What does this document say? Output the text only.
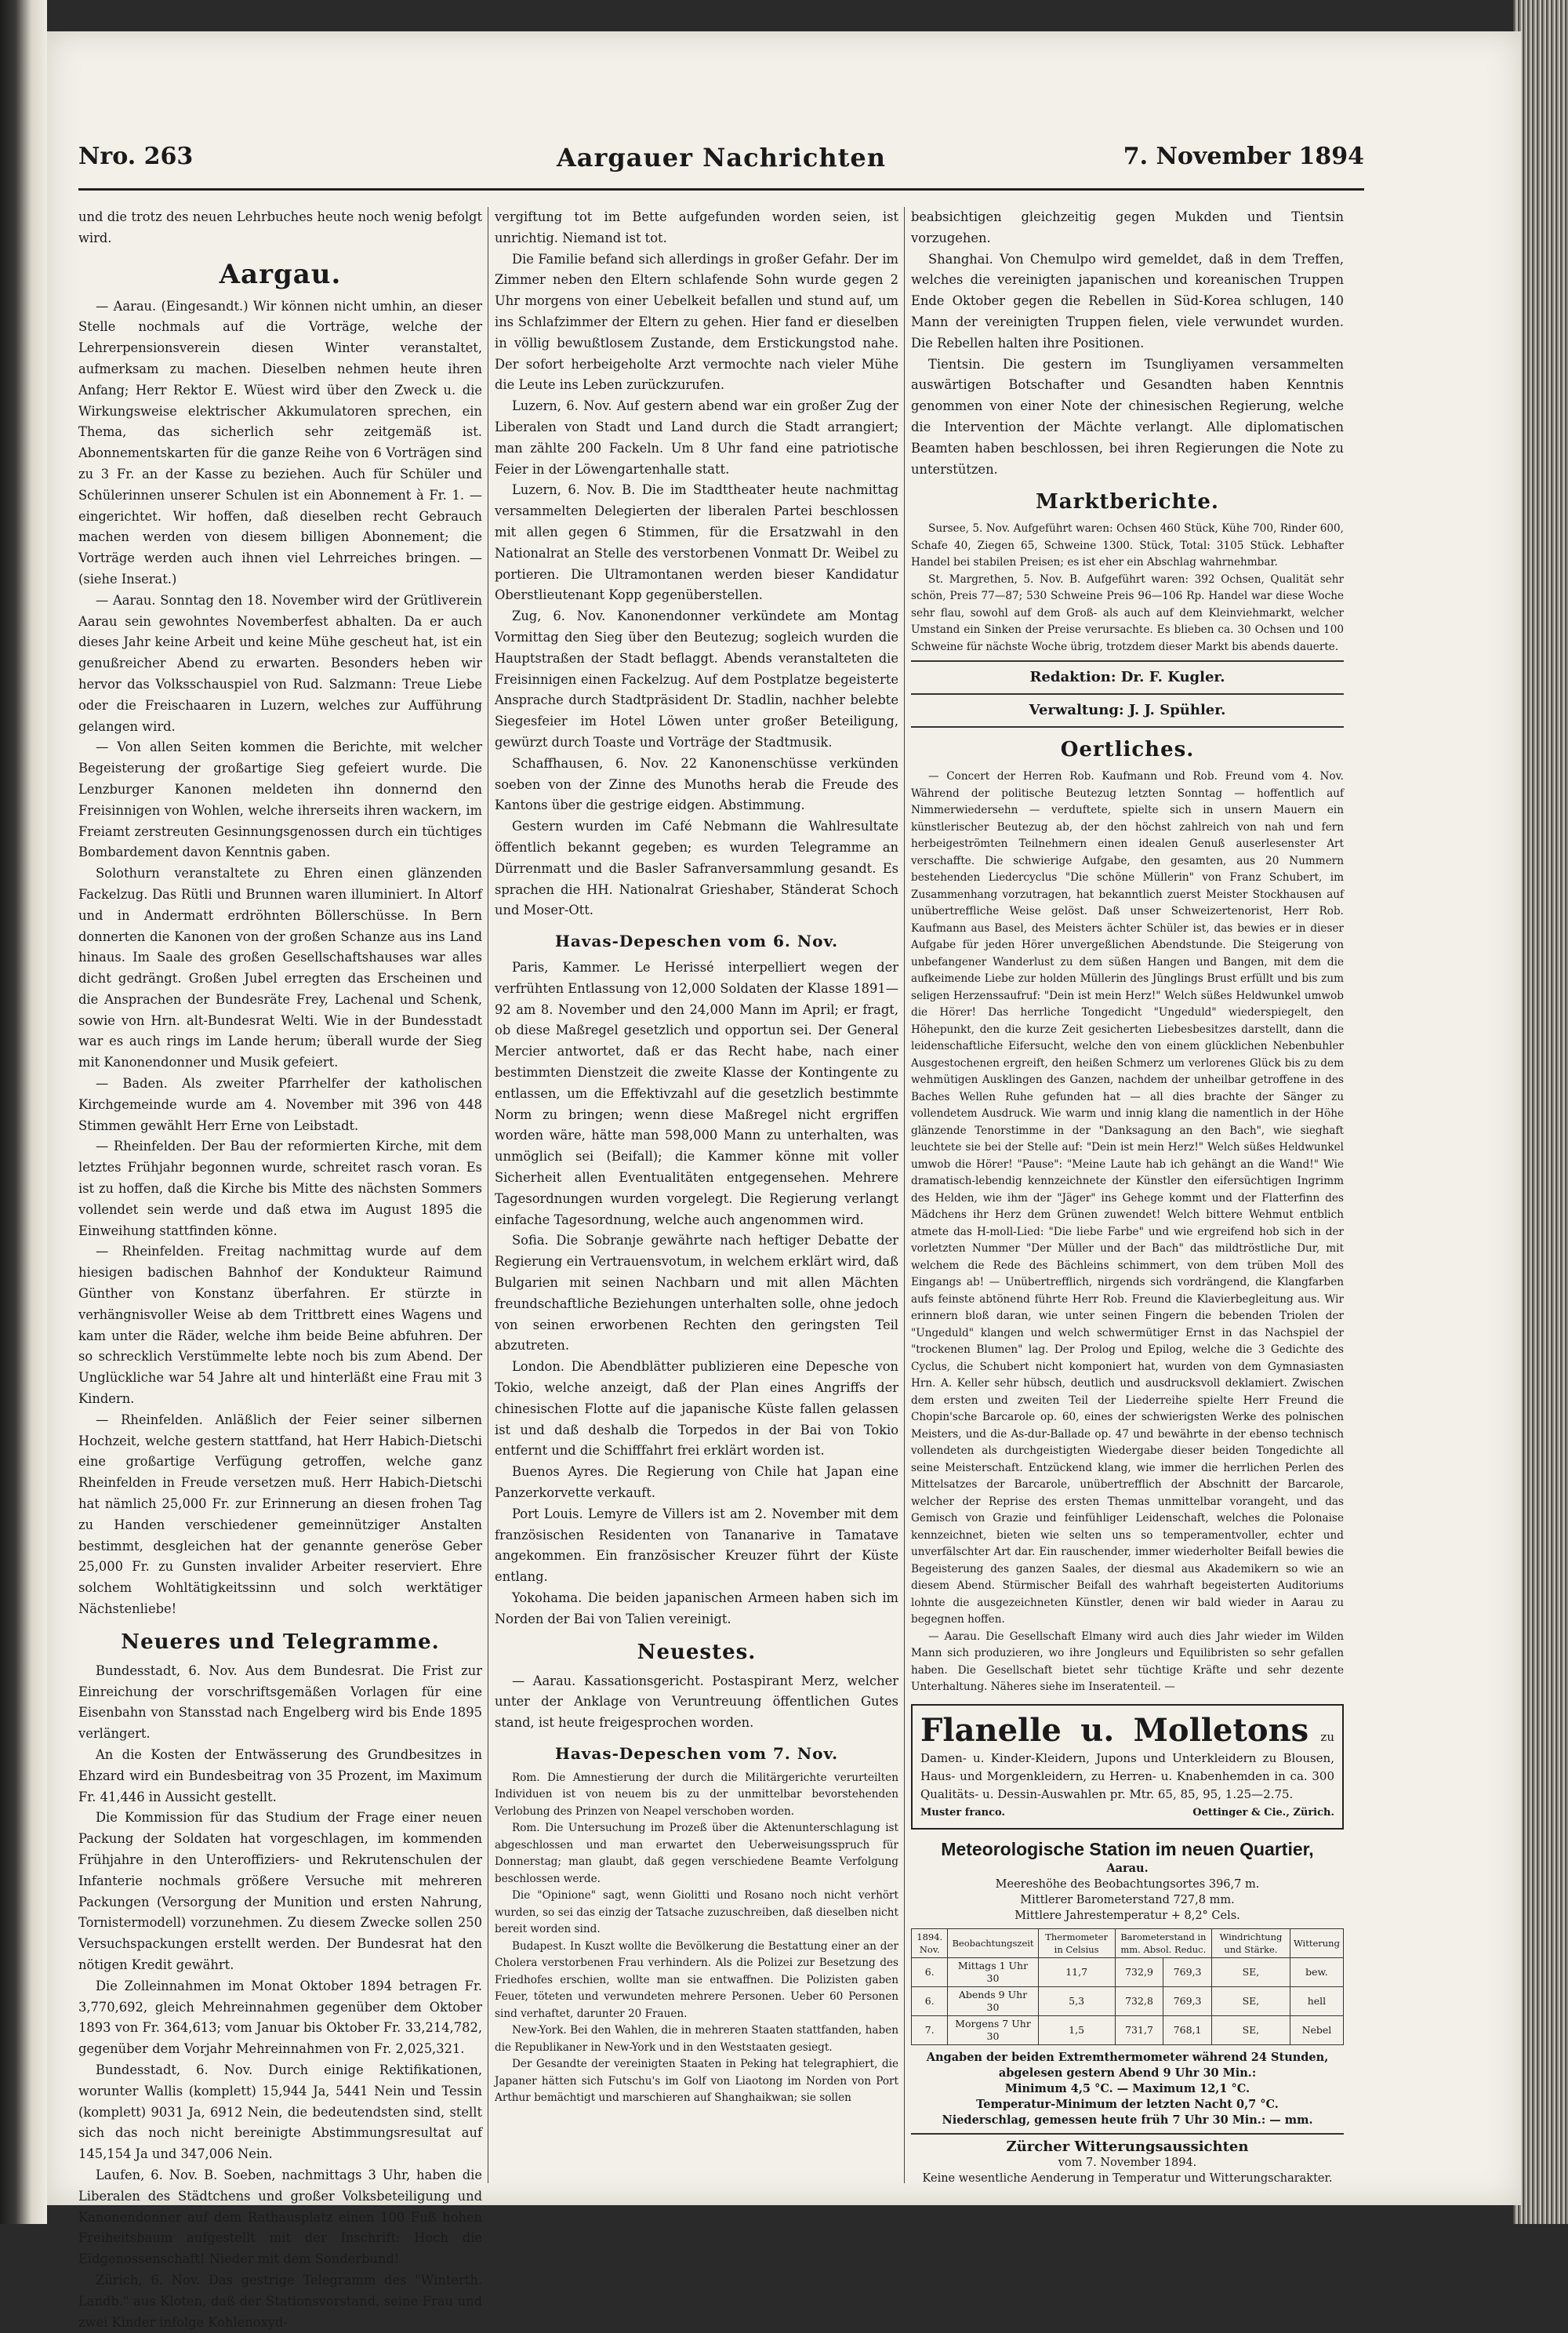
Aargauer Nachrichten
Nro. 263	7. November 1894

und die trotz des neuen Lehrbuches heute noch wenig befolgt wird.

Aargau.

— Aarau. (Eingesandt.) Wir können nicht umhin, an dieser Stelle nochmals auf die Vorträge, welche der Lehrerpensionsverein diesen Winter veranstaltet, aufmerksam zu machen. Dieselben nehmen heute ihren Anfang; Herr Rektor E. Wüest wird über den Zweck u. die Wirkungsweise elektrischer Akkumulatoren sprechen, ein Thema, das sicherlich sehr zeitgemäß ist. Abonnementskarten für die ganze Reihe von 6 Vorträgen sind zu 3 Fr. an der Kasse zu beziehen. Auch für Schüler und Schülerinnen unserer Schulen ist ein Abonnement à Fr. 1. — eingerichtet. Wir hoffen, daß dieselben recht Gebrauch machen werden von diesem billigen Abonnement; die Vorträge werden auch ihnen viel Lehrreiches bringen. — (siehe Inserat.)

— Aarau. Sonntag den 18. November wird der Grütliverein Aarau sein gewohntes Novemberfest abhalten. Da er auch dieses Jahr keine Arbeit und keine Mühe gescheut hat, ist ein genußreicher Abend zu erwarten. Besonders heben wir hervor das Volksschauspiel von Rud. Salzmann: Treue Liebe oder die Freischaaren in Luzern, welches zur Aufführung gelangen wird.

— Von allen Seiten kommen die Berichte, mit welcher Begeisterung der großartige Sieg gefeiert wurde. Die Lenzburger Kanonen meldeten ihn donnernd den Freisinnigen von Wohlen, welche ihrerseits ihren wackern, im Freiamt zerstreuten Gesinnungsgenossen durch ein tüchtiges Bombardement davon Kenntnis gaben.

Solothurn veranstaltete zu Ehren einen glänzenden Fackelzug. Das Rütli und Brunnen waren illuminiert. In Altorf und in Andermatt erdröhnten Böllerschüsse. In Bern donnerten die Kanonen von der großen Schanze aus ins Land hinaus. Im Saale des großen Gesellschaftshauses war alles dicht gedrängt. Großen Jubel erregten das Erscheinen und die Ansprachen der Bundesräte Frey, Lachenal und Schenk, sowie von Hrn. alt-Bundesrat Welti. Wie in der Bundesstadt war es auch rings im Lande herum; überall wurde der Sieg mit Kanonendonner und Musik gefeiert.

— Baden. Als zweiter Pfarrhelfer der katholischen Kirchgemeinde wurde am 4. November mit 396 von 448 Stimmen gewählt Herr Erne von Leibstadt.

— Rheinfelden. Der Bau der reformierten Kirche, mit dem letztes Frühjahr begonnen wurde, schreitet rasch voran. Es ist zu hoffen, daß die Kirche bis Mitte des nächsten Sommers vollendet sein werde und daß etwa im August 1895 die Einweihung stattfinden könne.

— Rheinfelden. Freitag nachmittag wurde auf dem hiesigen badischen Bahnhof der Kondukteur Raimund Günther von Konstanz überfahren. Er stürzte in verhängnisvoller Weise ab dem Trittbrett eines Wagens und kam unter die Räder, welche ihm beide Beine abfuhren. Der so schrecklich Verstümmelte lebte noch bis zum Abend. Der Unglückliche war 54 Jahre alt und hinterläßt eine Frau mit 3 Kindern.

— Rheinfelden. Anläßlich der Feier seiner silbernen Hochzeit, welche gestern stattfand, hat Herr Habich-Dietschi eine großartige Verfügung getroffen, welche ganz Rheinfelden in Freude versetzen muß. Herr Habich-Dietschi hat nämlich 25,000 Fr. zur Erinnerung an diesen frohen Tag zu Handen verschiedener gemeinnütziger Anstalten bestimmt, desgleichen hat der genannte generöse Geber 25,000 Fr. zu Gunsten invalider Arbeiter reserviert. Ehre solchem Wohltätigkeitssinn und solch werktätiger Nächstenliebe!

Neueres und Telegramme.

Bundesstadt, 6. Nov. Aus dem Bundesrat. Die Frist zur Einreichung der vorschriftsgemäßen Vorlagen für eine Eisenbahn von Stansstad nach Engelberg wird bis Ende 1895 verlängert.

An die Kosten der Entwässerung des Grundbesitzes in Ehzard wird ein Bundesbeitrag von 35 Prozent, im Maximum Fr. 41,446 in Aussicht gestellt.

Die Kommission für das Studium der Frage einer neuen Packung der Soldaten hat vorgeschlagen, im kommenden Frühjahre in den Unteroffiziers- und Rekrutenschulen der Infanterie nochmals größere Versuche mit mehreren Packungen (Versorgung der Munition und ersten Nahrung, Tornistermodell) vorzunehmen. Zu diesem Zwecke sollen 250 Versuchspackungen erstellt werden. Der Bundesrat hat den nötigen Kredit gewährt.

Die Zolleinnahmen im Monat Oktober 1894 betragen Fr. 3,770,692, gleich Mehreinnahmen gegenüber dem Oktober 1893 von Fr. 364,613; vom Januar bis Oktober Fr. 33,214,782, gegenüber dem Vorjahr Mehreinnahmen von Fr. 2,025,321.

Bundesstadt, 6. Nov. Durch einige Rektifikationen, worunter Wallis (komplett) 15,944 Ja, 5441 Nein und Tessin (komplett) 9031 Ja, 6912 Nein, die bedeutendsten sind, stellt sich das noch nicht bereinigte Abstimmungsresultat auf 145,154 Ja und 347,006 Nein.

Laufen, 6. Nov. B. Soeben, nachmittags 3 Uhr, haben die Liberalen des Städtchens und großer Volksbeteiligung und Kanonendonner auf dem Rathausplatz einen 100 Fuß hohen Freiheitsbaum aufgestellt mit der Inschrift: Hoch die Eidgenossenschaft! Nieder mit dem Sonderbund!

Zürich, 6. Nov. Das gestrige Telegramm des "Winterth. Landb." aus Kloten, daß der Stationsvorstand, seine Frau und zwei Kinder infolge Kohlenoxyd-

vergiftung tot im Bette aufgefunden worden seien, ist unrichtig. Niemand ist tot.

Die Familie befand sich allerdings in großer Gefahr. Der im Zimmer neben den Eltern schlafende Sohn wurde gegen 2 Uhr morgens von einer Uebelkeit befallen und stund auf, um ins Schlafzimmer der Eltern zu gehen. Hier fand er dieselben in völlig bewußtlosem Zustande, dem Erstickungstod nahe. Der sofort herbeigeholte Arzt vermochte nach vieler Mühe die Leute ins Leben zurückzurufen.

Luzern, 6. Nov. Auf gestern abend war ein großer Zug der Liberalen von Stadt und Land durch die Stadt arrangiert; man zählte 200 Fackeln. Um 8 Uhr fand eine patriotische Feier in der Löwengartenhalle statt.

Luzern, 6. Nov. B. Die im Stadttheater heute nachmittag versammelten Delegierten der liberalen Partei beschlossen mit allen gegen 6 Stimmen, für die Ersatzwahl in den Nationalrat an Stelle des verstorbenen Vonmatt Dr. Weibel zu portieren. Die Ultramontanen werden bieser Kandidatur Oberstlieutenant Kopp gegenüberstellen.

Zug, 6. Nov. Kanonendonner verkündete am Montag Vormittag den Sieg über den Beutezug; sogleich wurden die Hauptstraßen der Stadt beflaggt. Abends veranstalteten die Freisinnigen einen Fackelzug. Auf dem Postplatze begeisterte Ansprache durch Stadtpräsident Dr. Stadlin, nachher belebte Siegesfeier im Hotel Löwen unter großer Beteiligung, gewürzt durch Toaste und Vorträge der Stadtmusik.

Schaffhausen, 6. Nov. 22 Kanonenschüsse verkünden soeben von der Zinne des Munoths herab die Freude des Kantons über die gestrige eidgen. Abstimmung.

Gestern wurden im Café Nebmann die Wahlresultate öffentlich bekannt gegeben; es wurden Telegramme an Dürrenmatt und die Basler Safranversammlung gesandt. Es sprachen die HH. Nationalrat Grieshaber, Ständerat Schoch und Moser-Ott.

Havas-Depeschen vom 6. Nov.

Paris, Kammer. Le Herissé interpelliert wegen der verfrühten Entlassung von 12,000 Soldaten der Klasse 1891—92 am 8. November und den 24,000 Mann im April; er fragt, ob diese Maßregel gesetzlich und opportun sei. Der General Mercier antwortet, daß er das Recht habe, nach einer bestimmten Dienstzeit die zweite Klasse der Kontingente zu entlassen, um die Effektivzahl auf die gesetzlich bestimmte Norm zu bringen; wenn diese Maßregel nicht ergriffen worden wäre, hätte man 598,000 Mann zu unterhalten, was unmöglich sei (Beifall); die Kammer könne mit voller Sicherheit allen Eventualitäten entgegensehen. Mehrere Tagesordnungen wurden vorgelegt. Die Regierung verlangt einfache Tagesordnung, welche auch angenommen wird.

Sofia. Die Sobranje gewährte nach heftiger Debatte der Regierung ein Vertrauensvotum, in welchem erklärt wird, daß Bulgarien mit seinen Nachbarn und mit allen Mächten freundschaftliche Beziehungen unterhalten solle, ohne jedoch von seinen erworbenen Rechten den geringsten Teil abzutreten.

London. Die Abendblätter publizieren eine Depesche von Tokio, welche anzeigt, daß der Plan eines Angriffs der chinesischen Flotte auf die japanische Küste fallen gelassen ist und daß deshalb die Torpedos in der Bai von Tokio entfernt und die Schifffahrt frei erklärt worden ist.

Buenos Ayres. Die Regierung von Chile hat Japan eine Panzerkorvette verkauft.

Port Louis. Lemyre de Villers ist am 2. November mit dem französischen Residenten von Tananarive in Tamatave angekommen. Ein französischer Kreuzer führt der Küste entlang.

Yokohama. Die beiden japanischen Armeen haben sich im Norden der Bai von Talien vereinigt.

Neuestes.

— Aarau. Kassationsgericht. Postaspirant Merz, welcher unter der Anklage von Veruntreuung öffentlichen Gutes stand, ist heute freigesprochen worden.

Havas-Depeschen vom 7. Nov.

Rom. Die Amnestierung der durch die Militärgerichte verurteilten Individuen ist von neuem bis zu der unmittelbar bevorstehenden Verlobung des Prinzen von Neapel verschoben worden.

Rom. Die Untersuchung im Prozeß über die Aktenunterschlagung ist abgeschlossen und man erwartet den Ueberweisungsspruch für Donnerstag; man glaubt, daß gegen verschiedene Beamte Verfolgung beschlossen werde.

Die "Opinione" sagt, wenn Giolitti und Rosano noch nicht verhört wurden, so sei das einzig der Tatsache zuzuschreiben, daß dieselben nicht bereit worden sind.

Budapest. In Kuszt wollte die Bevölkerung die Bestattung einer an der Cholera verstorbenen Frau verhindern. Als die Polizei zur Besetzung des Friedhofes erschien, wollte man sie entwaffnen. Die Polizisten gaben Feuer, töteten und verwundeten mehrere Personen. Ueber 60 Personen sind verhaftet, darunter 20 Frauen.

New-York. Bei den Wahlen, die in mehreren Staaten stattfanden, haben die Republikaner in New-York und in den Weststaaten gesiegt.

Der Gesandte der vereinigten Staaten in Peking hat telegraphiert, die Japaner hätten sich Futschu's im Golf von Liaotong im Norden von Port Arthur bemächtigt und marschieren auf Shanghaikwan; sie sollen

beabsichtigen gleichzeitig gegen Mukden und Tientsin vorzugehen.

Shanghai. Von Chemulpo wird gemeldet, daß in dem Treffen, welches die vereinigten japanischen und koreanischen Truppen Ende Oktober gegen die Rebellen in Süd-Korea schlugen, 140 Mann der vereinigten Truppen fielen, viele verwundet wurden. Die Rebellen halten ihre Positionen.

Tientsin. Die gestern im Tsungliyamen versammelten auswärtigen Botschafter und Gesandten haben Kenntnis genommen von einer Note der chinesischen Regierung, welche die Intervention der Mächte verlangt. Alle diplomatischen Beamten haben beschlossen, bei ihren Regierungen die Note zu unterstützen.

Marktberichte.

Sursee, 5. Nov. Aufgeführt waren: Ochsen 460 Stück, Kühe 700, Rinder 600, Schafe 40, Ziegen 65, Schweine 1300. Stück, Total: 3105 Stück. Lebhafter Handel bei stabilen Preisen; es ist eher ein Abschlag wahrnehmbar.

St. Margrethen, 5. Nov. B. Aufgeführt waren: 392 Ochsen, Qualität sehr schön, Preis 77—87; 530 Schweine Preis 96—106 Rp. Handel war diese Woche sehr flau, sowohl auf dem Groß- als auch auf dem Kleinviehmarkt, welcher Umstand ein Sinken der Preise verursachte. Es blieben ca. 30 Ochsen und 100 Schweine für nächste Woche übrig, trotzdem dieser Markt bis abends dauerte.

Redaktion: Dr. F. Kugler.
Verwaltung: J. J. Spühler.
Oertliches.

— Concert der Herren Rob. Kaufmann und Rob. Freund vom 4. Nov. Während der politische Beutezug letzten Sonntag — hoffentlich auf Nimmerwiedersehn — verduftete, spielte sich in unsern Mauern ein künstlerischer Beutezug ab, der den höchst zahlreich von nah und fern herbeigeströmten Teilnehmern einen idealen Genuß auserlesenster Art verschaffte. Die schwierige Aufgabe, den gesamten, aus 20 Nummern bestehenden Liedercyclus "Die schöne Müllerin" von Franz Schubert, im Zusammenhang vorzutragen, hat bekanntlich zuerst Meister Stockhausen auf unübertreffliche Weise gelöst. Daß unser Schweizertenorist, Herr Rob. Kaufmann aus Basel, des Meisters ächter Schüler ist, das bewies er in dieser Aufgabe für jeden Hörer unvergeßlichen Abendstunde. Die Steigerung von unbefangener Wanderlust zu dem süßen Hangen und Bangen, mit dem die aufkeimende Liebe zur holden Müllerin des Jünglings Brust erfüllt und bis zum seligen Herzenssaufruf: "Dein ist mein Herz!" Welch süßes Heldwunkel umwob die Hörer! Das herrliche Tongedicht "Ungeduld" wiederspiegelt, den Höhepunkt, den die kurze Zeit gesicherten Liebesbesitzes darstellt, dann die leidenschaftliche Eifersucht, welche den von einem glücklichen Nebenbuhler Ausgestochenen ergreift, den heißen Schmerz um verlorenes Glück bis zu dem wehmütigen Ausklingen des Ganzen, nachdem der unheilbar getroffene in des Baches Wellen Ruhe gefunden hat — all dies brachte der Sänger zu vollendetem Ausdruck. Wie warm und innig klang die namentlich in der Höhe glänzende Tenorstimme in der "Danksagung an den Bach", wie sieghaft leuchtete sie bei der Stelle auf: "Dein ist mein Herz!" Welch süßes Heldwunkel umwob die Hörer! "Pause": "Meine Laute hab ich gehängt an die Wand!" Wie dramatisch-lebendig kennzeichnete der Künstler den eifersüchtigen Ingrimm des Helden, wie ihm der "Jäger" ins Gehege kommt und der Flatterfinn des Mädchens ihr Herz dem Grünen zuwendet! Welch bittere Wehmut entblich atmete das H-moll-Lied: "Die liebe Farbe" und wie ergreifend hob sich in der vorletzten Nummer "Der Müller und der Bach" das mildtröstliche Dur, mit welchem die Rede des Bächleins schimmert, von dem trüben Moll des Eingangs ab! — Unübertrefflich, nirgends sich vordrängend, die Klangfarben aufs feinste abtönend führte Herr Rob. Freund die Klavierbegleitung aus. Wir erinnern bloß daran, wie unter seinen Fingern die bebenden Triolen der "Ungeduld" klangen und welch schwermütiger Ernst in das Nachspiel der "trockenen Blumen" lag. Der Prolog und Epilog, welche die 3 Gedichte des Cyclus, die Schubert nicht komponiert hat, wurden von dem Gymnasiasten Hrn. A. Keller sehr hübsch, deutlich und ausdrucksvoll deklamiert. Zwischen dem ersten und zweiten Teil der Liederreihe spielte Herr Freund die Chopin'sche Barcarole op. 60, eines der schwierigsten Werke des polnischen Meisters, und die As-dur-Ballade op. 47 und bewährte in der ebenso technisch vollendeten als durchgeistigten Wiedergabe dieser beiden Tongedichte all seine Meisterschaft. Entzückend klang, wie immer die herrlichen Perlen des Mittelsatzes der Barcarole, unübertrefflich der Abschnitt der Barcarole, welcher der Reprise des ersten Themas unmittelbar vorangeht, und das Gemisch von Grazie und feinfühliger Leidenschaft, welches die Polonaise kennzeichnet, bieten wie selten uns so temperamentvoller, echter und unverfälschter Art dar. Ein rauschender, immer wiederholter Beifall bewies die Begeisterung des ganzen Saales, der diesmal aus Akademikern so wie an diesem Abend. Stürmischer Beifall des wahrhaft begeisterten Auditoriums lohnte die ausgezeichneten Künstler, denen wir bald wieder in Aarau zu begegnen hoffen.

— Aarau. Die Gesellschaft Elmany wird auch dies Jahr wieder im Wilden Mann sich produzieren, wo ihre Jongleurs und Equilibristen so sehr gefallen haben. Die Gesellschaft bietet sehr tüchtige Kräfte und sehr dezente Unterhaltung. Näheres siehe im Inseratenteil. —

Flanelle u. Molletons zu Damen- u. Kinder-Kleidern, Jupons und Unterkleidern zu Blousen, Haus- und Morgenkleidern, zu Herren- u. Knabenhemden in ca. 300 Qualitäts- u. Dessin-Auswahlen pr. Mtr. 65, 85, 95, 1.25—2.75.
Muster franco.	Oettinger & Cie., Zürich.
Meteorologische Station im neuen Quartier,
Aarau.
Meereshöhe des Beobachtungsortes 396,7 m.
Mittlerer Barometerstand 727,8 mm.
Mittlere Jahrestemperatur + 8,2° Cels.
1894. Nov.	Beobachtungszeit	Thermometer in Celsius	Barometerstand in mm. Absol. Reduc.		Windrichtung und Stärke.	Witterung
6.	Mittags 1 Uhr 30	11,7	732,9	769,3	SE,	bew.
6.	Abends 9 Uhr 30	5,3	732,8	769,3	SE,	hell
7.	Morgens 7 Uhr 30	1,5	731,7	768,1	SE,	Nebel
Angaben der beiden Extremthermometer während 24 Stunden, abgelesen gestern Abend 9 Uhr 30 Min.:
Minimum 4,5 °C. — Maximum 12,1 °C.
Temperatur-Minimum der letzten Nacht 0,7 °C.
Niederschlag, gemessen heute früh 7 Uhr 30 Min.: — mm.
Zürcher Witterungsaussichten
vom 7. November 1894.
Keine wesentliche Aenderung in Temperatur und Witterungscharakter.
